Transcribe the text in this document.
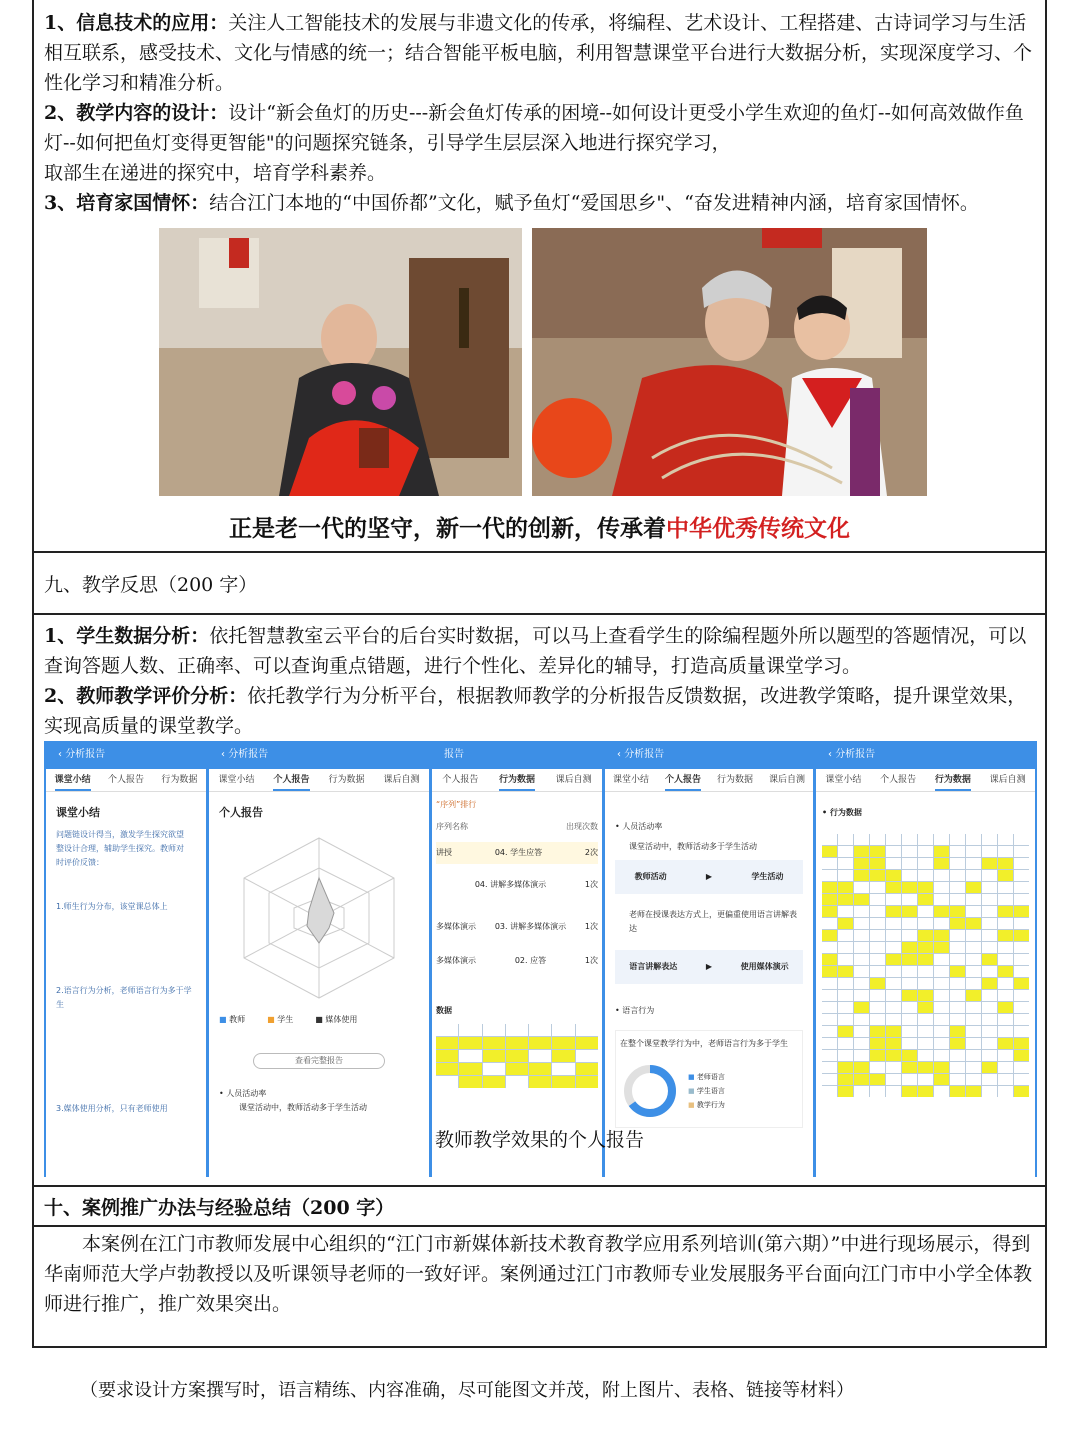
1、信息技术的应用：关注人工智能技术的发展与非遗文化的传承，将编程、艺术设计、工程搭建、古诗词学习与生活相互联系，感受技术、文化与情感的统一；结合智能平板电脑，利用智慧课堂平台进行大数据分析，实现深度学习、个性化学习和精准分析。

2、教学内容的设计：设计“新会鱼灯的历史---新会鱼灯传承的困境--如何设计更受小学生欢迎的鱼灯--如何高效做作鱼灯--如何把鱼灯变得更智能"的问题探究链条，引导学生层层深入地进行探究学习，

取部生在递进的探究中，培育学科素养。

3、培育家国情怀：结合江门本地的“中国侨都”文化，赋予鱼灯“爱国思乡"、“奋发进精神内涵，培育家国情怀。

正是老一代的坚守，新一代的创新，传承着中华优秀传统文化
九、教学反思（200 字）

1、学生数据分析：依托智慧教室云平台的后台实时数据，可以马上查看学生的除编程题外所以题型的答题情况，可以查询答题人数、正确率、可以查询重点错题，进行个性化、差异化的辅导，打造高质量课堂学习。

2、教师教学评价分析：依托教学行为分析平台，根据教师教学的分析报告反馈数据，改进教学策略，提升课堂效果，实现高质量的课堂教学。

‹ 分析报告
课堂小结 个人报告 行为数据
课堂小结
问题链设计得当，激发学生探究欲望
整设计合理，辅助学生探究。教师对
时评价反馈：
1.师生行为分布，该堂课总体上
2.语言行为分析，老师语言行为多于学生
3.媒体使用分析，只有老师使用
‹ 分析报告
课堂小结 个人报告 行为数据 课后自测
个人报告
■ 教师	■ 学生	■ 媒体使用
查看完整报告
• 人员活动率
课堂活动中，教师活动多于学生活动
报告
个人报告 行为数据 课后自测
“序列”排行
序列名称	出现次数
讲授	04. 学生应答	2次
04. 讲解多媒体演示	1次
多媒体演示 03. 讲解多媒体演示 1次
多媒体演示	02. 应答	1次
数据
‹ 分析报告
课堂小结 个人报告 行为数据 课后自测
• 人员活动率
课堂活动中，教师活动多于学生活动
教师活动	▶	学生活动
老师在授课表达方式上，更偏重使用语言讲解表达
语言讲解表达	▶	使用媒体演示
• 语言行为
在整个课堂教学行为中，老师语言行为多于学生
■ 老师语言
■ 学生语言
■ 教学行为
‹ 分析报告
课堂小结 个人报告 行为数据 课后自测
• 行为数据
教师教学效果的个人报告
十、案例推广办法与经验总结（200 字）

本案例在江门市教师发展中心组织的“江门市新媒体新技术教育教学应用系列培训(第六期）”中进行现场展示，得到华南师范大学卢勃教授以及听课领导老师的一致好评。案例通过江门市教师专业发展服务平台面向江门市中小学全体教师进行推广，推广效果突出。

（要求设计方案撰写时，语言精练、内容准确，尽可能图文并茂，附上图片、表格、链接等材料）
